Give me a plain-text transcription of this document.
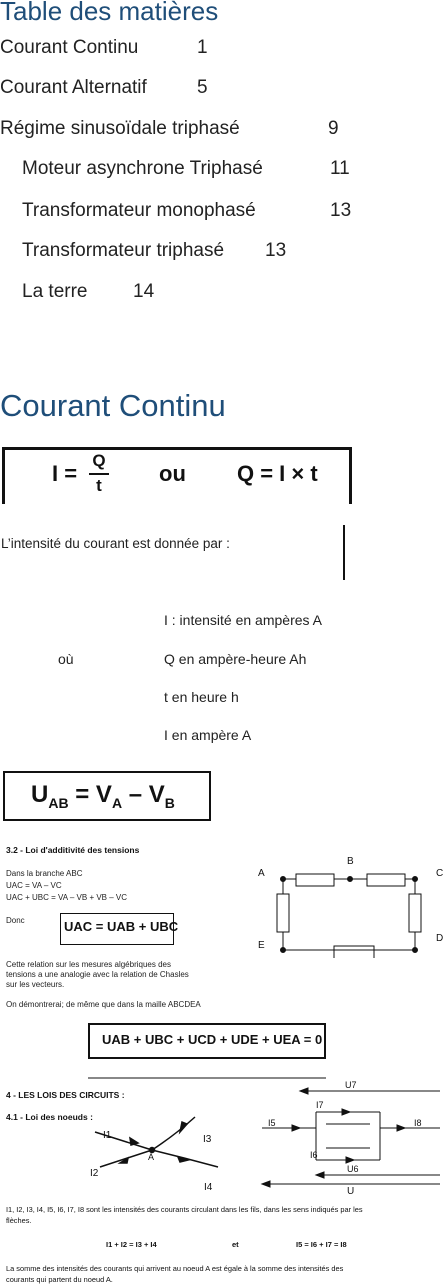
Table des matières
Courant Continu	1
Courant Alternatif	5
Régime sinusoïdale triphasé	9
Moteur asynchrone Triphasé	11
Transformateur monophasé	13
Transformateur triphasé 13
La terre 14
Courant Continu
I =
Q
t	ou Q = I × t
L’intensité du courant est donnée par :
I : intensité en ampères A
où	Q en ampère-heure Ah
t en heure h
I en ampère A
$U_{AB} = V_A - V_B$
3.2 - Loi d'additivité des tensions
Dans la branche ABC
UAC = VA – VC
UAC + UBC = VA – VB + VB – VC
Donc	UAC = UAB + UBC
Cette relation sur les mesures algébriques des
tensions a une analogie avec la relation de Chasles
sur les vecteurs.
On démontrerai; de même que dans la maille ABCDEA
UAB + UBC + UCD + UDE + UEA = 0
B
A	C
E
D
4 - LES LOIS DES CIRCUITS :
4.1 - Loi des noeuds :
I1
I2
I3
I4
A
U7
I7
I5
I6
I8
U6
U
I1, I2, I3, I4, I5, I6, I7, I8 sont les intensités des courants circulant dans les fils, dans les sens indiqués par les
flèches.
I1 + I2 = I3 + I4	et	I5 = I6 + I7 = I8
La somme des intensités des courants qui arrivent au noeud A est égale à la somme des intensités des
courants qui partent du noeud A.
